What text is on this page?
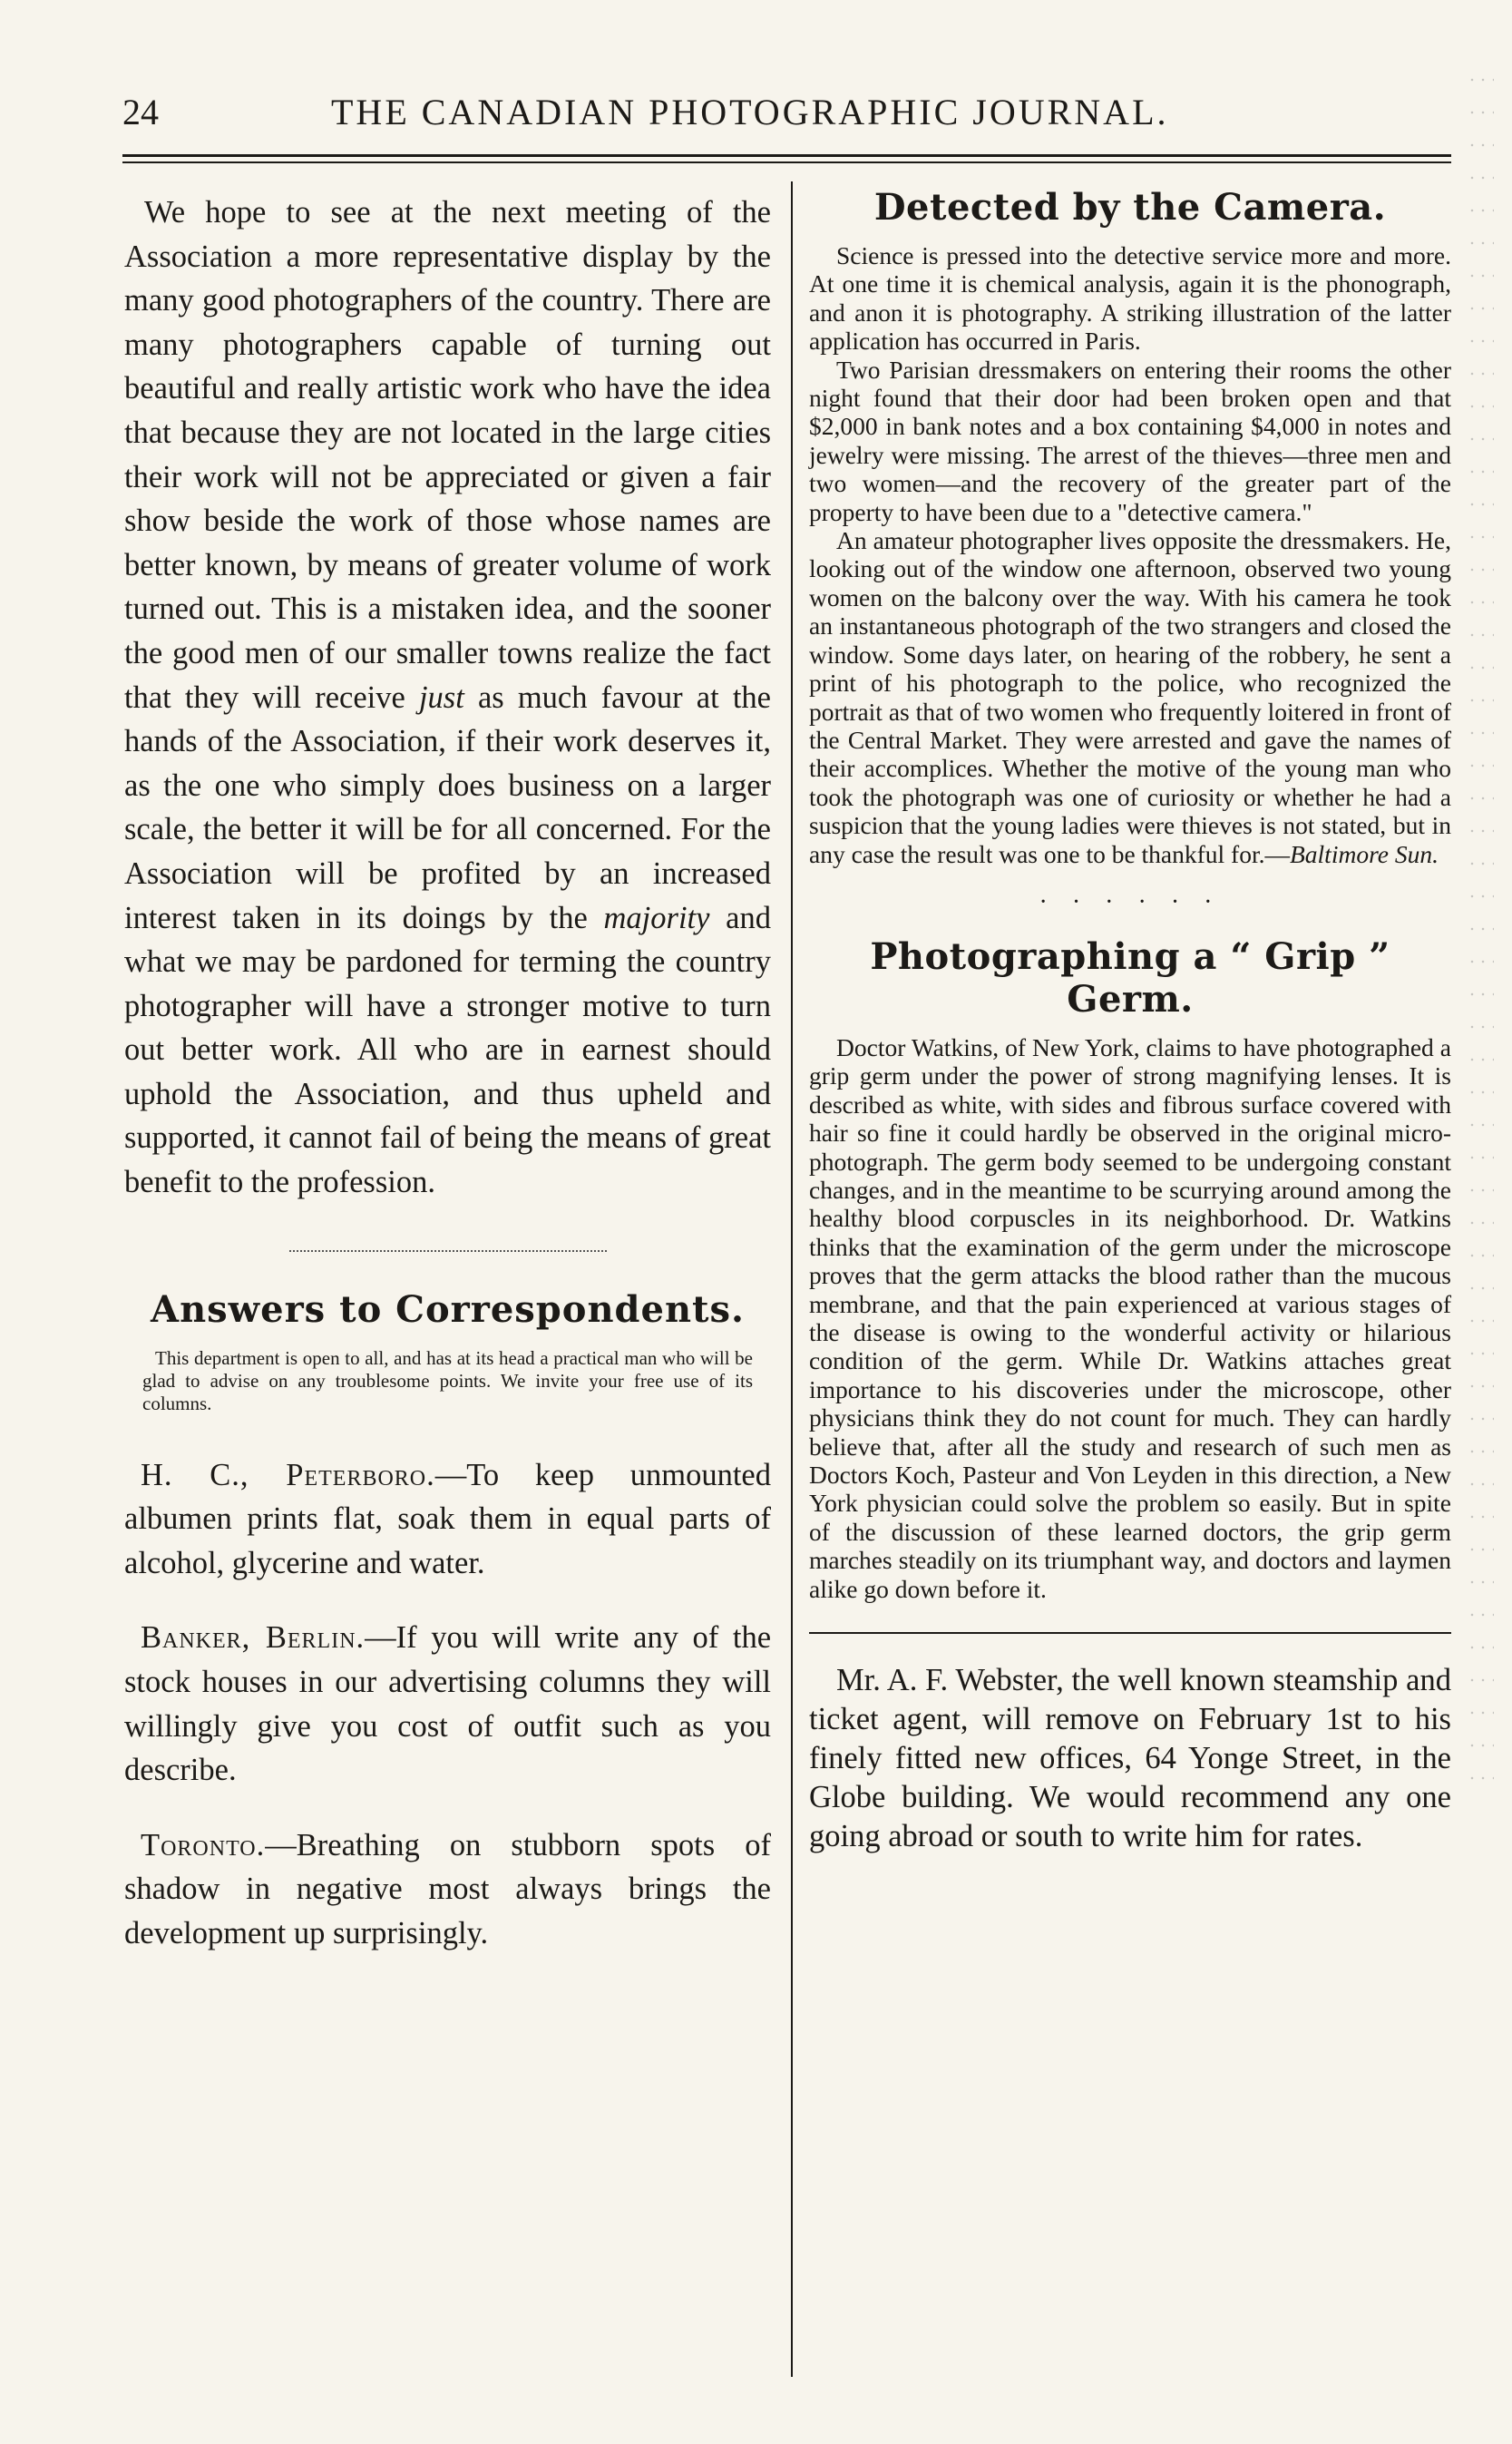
24	THE CANADIAN PHOTOGRAPHIC JOURNAL.

We hope to see at the next meeting of the Association a more representative display by the many good photographers of the country. There are many photographers capable of turning out beautiful and really artistic work who have the idea that because they are not located in the large cities their work will not be appreciated or given a fair show beside the work of those whose names are better known, by means of greater volume of work turned out. This is a mistaken idea, and the sooner the good men of our smaller towns realize the fact that they will receive just as much favour at the hands of the Association, if their work deserves it, as the one who simply does business on a larger scale, the better it will be for all concerned. For the Association will be profited by an increased interest taken in its doings by the majority and what we may be pardoned for terming the country photographer will have a stronger motive to turn out better work. All who are in earnest should uphold the Association, and thus upheld and supported, it cannot fail of being the means of great benefit to the profession.

Answers to Correspondents.

This department is open to all, and has at its head a practical man who will be glad to advise on any troublesome points. We invite your free use of its columns.

H. C., Peterboro.—To keep unmounted albumen prints flat, soak them in equal parts of alcohol, glycerine and water.

Banker, Berlin.—If you will write any of the stock houses in our advertising columns they will willingly give you cost of outfit such as you describe.

Toronto.—Breathing on stubborn spots of shadow in negative most always brings the development up surprisingly.

Detected by the Camera.

Science is pressed into the detective service more and more. At one time it is chemical analysis, again it is the phonograph, and anon it is photography. A striking illustration of the latter application has occurred in Paris.

Two Parisian dressmakers on entering their rooms the other night found that their door had been broken open and that $2,000 in bank notes and a box containing $4,000 in notes and jewelry were missing. The arrest of the thieves—three men and two women—and the recovery of the greater part of the property to have been due to a "detective camera."

An amateur photographer lives opposite the dressmakers. He, looking out of the window one afternoon, observed two young women on the balcony over the way. With his camera he took an instantaneous photograph of the two strangers and closed the window. Some days later, on hearing of the robbery, he sent a print of his photograph to the police, who recognized the portrait as that of two women who frequently loitered in front of the Central Market. They were arrested and gave the names of their accomplices. Whether the motive of the young man who took the photograph was one of curiosity or whether he had a suspicion that the young ladies were thieves is not stated, but in any case the result was one to be thankful for.—Baltimore Sun.

· · · · · ·
Photographing a “ Grip ” Germ.

Doctor Watkins, of New York, claims to have photographed a grip germ under the power of strong magnifying lenses. It is described as white, with sides and fibrous surface covered with hair so fine it could hardly be observed in the original micro-photograph. The germ body seemed to be undergoing constant changes, and in the meantime to be scurrying around among the healthy blood corpuscles in its neighborhood. Dr. Watkins thinks that the examination of the germ under the microscope proves that the germ attacks the blood rather than the mucous membrane, and that the pain experienced at various stages of the disease is owing to the wonderful activity or hilarious condition of the germ. While Dr. Watkins attaches great importance to his discoveries under the microscope, other physicians think they do not count for much. They can hardly believe that, after all the study and research of such men as Doctors Koch, Pasteur and Von Leyden in this direction, a New York physician could solve the problem so easily. But in spite of the discussion of these learned doctors, the grip germ marches steadily on its triumphant way, and doctors and laymen alike go down before it.

Mr. A. F. Webster, the well known steamship and ticket agent, will remove on February 1st to his finely fitted new offices, 64 Yonge Street, in the Globe building. We would recommend any one going abroad or south to write him for rates.
